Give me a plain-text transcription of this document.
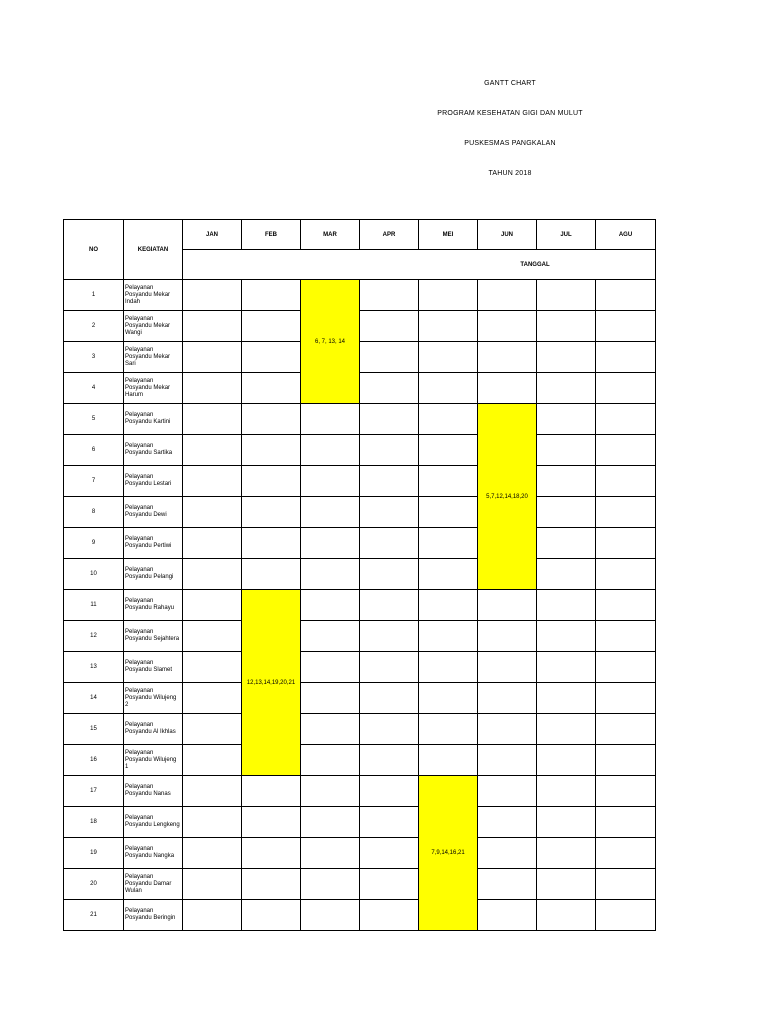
GANTT CHART
PROGRAM KESEHATAN GIGI DAN MULUT
PUSKESMAS PANGKALAN
TAHUN 2018
NO	KEGIATAN	JAN	FEB	MAR	APR	MEI	JUN	JUL	AGU
		TANGGAL							
1	Pelayanan Posyandu Mekar Indah			6, 7, 13, 14					
2	Pelayanan Posyandu Mekar Wangi								
3	Pelayanan Posyandu Mekar Sari								
4	Pelayanan Posyandu Mekar Harum								
5	Pelayanan Posyandu Kartini						5,7,12,14,18,20		
6	Pelayanan Posyandu Sartika								
7	Pelayanan Posyandu Lestari								
8	Pelayanan Posyandu Dewi								
9	Pelayanan Posyandu Pertiwi								
10	Pelayanan Posyandu Pelangi								
11	Pelayanan Posyandu Rahayu		12,13,14,19,20,21						
12	Pelayanan Posyandu Sejahtera								
13	Pelayanan Posyandu Slamet								
14	Pelayanan Posyandu Wilujeng 2								
15	Pelayanan Posyandu Al Ikhlas								
16	Pelayanan Posyandu Wilujeng 1								
17	Pelayanan Posyandu Nanas					7,9,14,16,21			
18	Pelayanan Posyandu Lengkeng								
19	Pelayanan Posyandu Nangka								
20	Pelayanan Posyandu Damar Wulan								
21	Pelayanan Posyandu Beringin								
